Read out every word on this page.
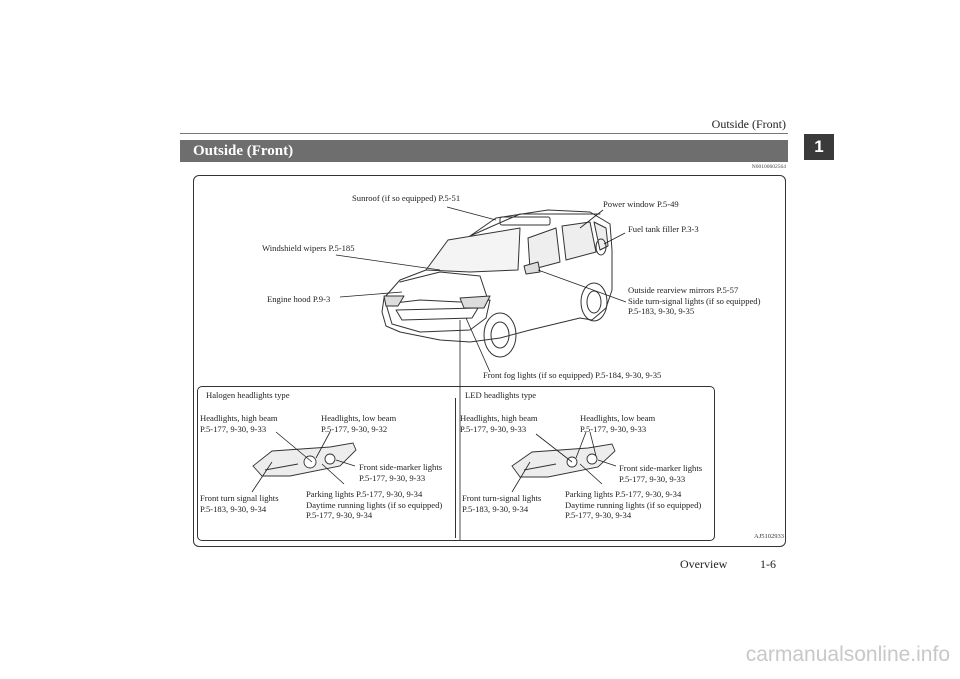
Outside (Front)
1
Outside (Front)
N00100602564
Sunroof (if so equipped) P.5-51
Power window P.5-49
Fuel tank filler P.3-3
Windshield wipers P.5-185
Engine hood P.9-3
Outside rearview mirrors P.5-57
Side turn-signal lights (if so equipped)
P.5-183, 9-30, 9-35
Front fog lights (if so equipped) P.5-184, 9-30, 9-35
Halogen headlights type
Headlights, high beam
P.5-177, 9-30, 9-33
Headlights, low beam
P.5-177, 9-30, 9-32
Front side-marker lights
P.5-177, 9-30, 9-33
Front turn signal lights
P.5-183, 9-30, 9-34
Parking lights P.5-177, 9-30, 9-34
Daytime running lights (if so equipped)
P.5-177, 9-30, 9-34
LED headlights type
Headlights, high beam
P.5-177, 9-30, 9-33
Headlights, low beam
P.5-177, 9-30, 9-33
Front side-marker lights
P.5-177, 9-30, 9-33
Front turn-signal lights
P.5-183, 9-30, 9-34
Parking lights P.5-177, 9-30, 9-34
Daytime running lights (if so equipped)
P.5-177, 9-30, 9-34
AJ5102933
Overview	1-6
carmanualsonline.info
